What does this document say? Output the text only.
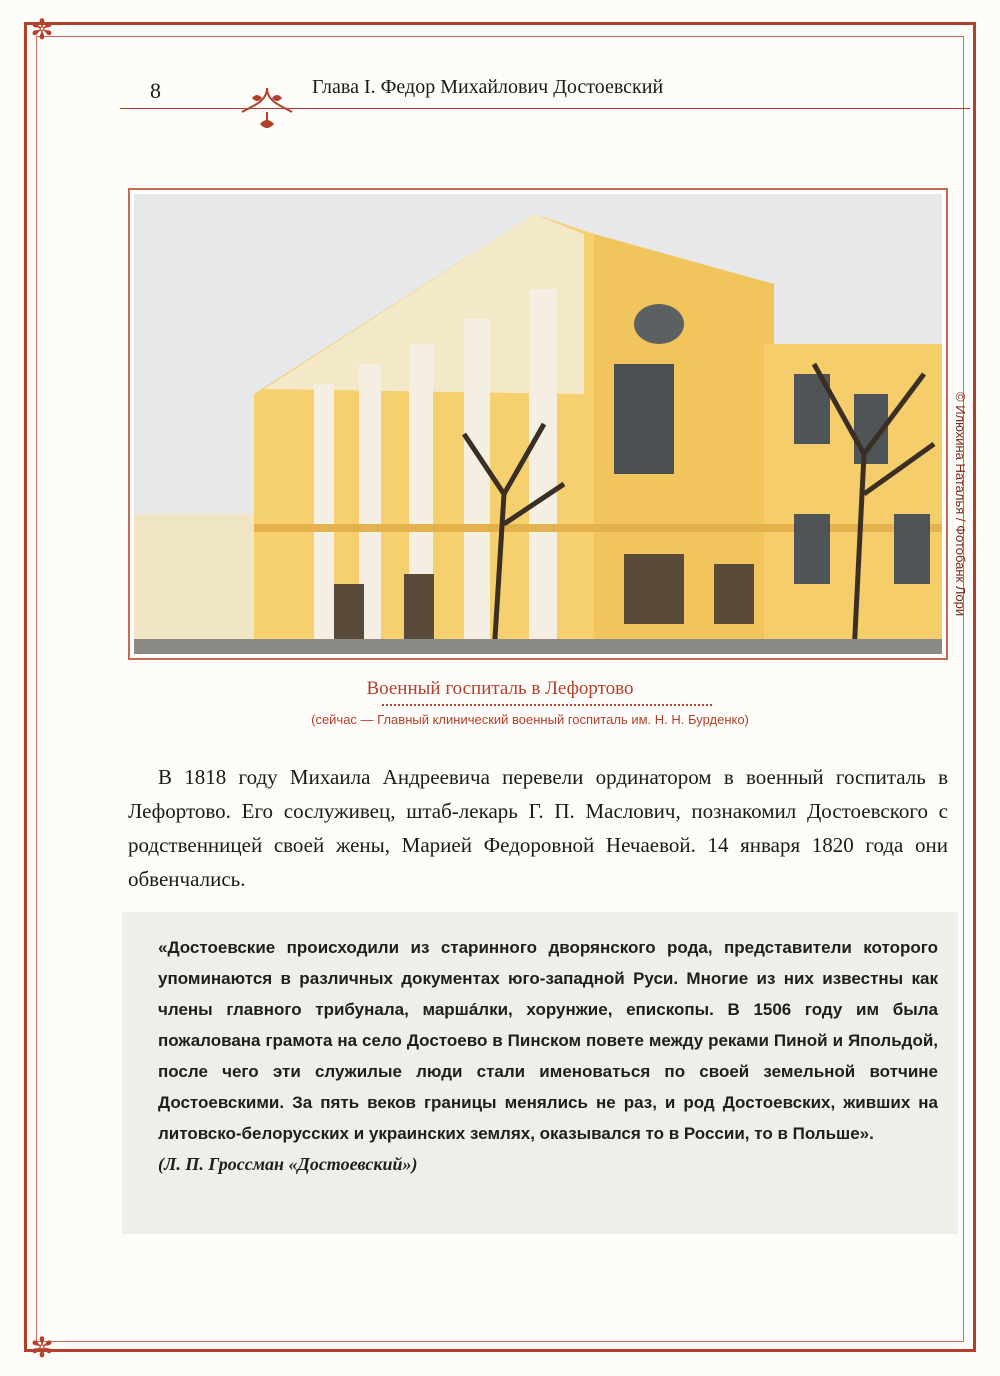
✼
✼
8	Глава I. Федор Михайлович Достоевский
© Илюхина Наталья / Фотобанк Лори
Военный госпиталь в Лефортово
(сейчас — Главный клинический военный госпиталь им. Н. Н. Бурденко)

В 1818 году Михаила Андреевича перевели ординатором в военный госпиталь в Лефортово. Его сослуживец, штаб-лекарь Г. П. Маслович, познакомил Достоевского с родственницей своей жены, Марией Федоровной Нечаевой. 14 января 1820 года они обвенчались.

«Достоевские происходили из старинного дворянского рода, представители которого упоминаются в различных документах юго-западной Руси. Многие из них известны как члены главного трибунала, маршáлки, хорунжие, епископы. В 1506 году им была пожалована грамота на село Достоево в Пинском повете между реками Пиной и Япольдой, после чего эти служилые люди стали именоваться по своей земельной вотчине Достоевскими. За пять веков границы менялись не раз, и род Достоевских, живших на литовско-белорусских и украинских землях, оказывался то в России, то в Польше».
(Л. П. Гроссман «Достоевский»)
